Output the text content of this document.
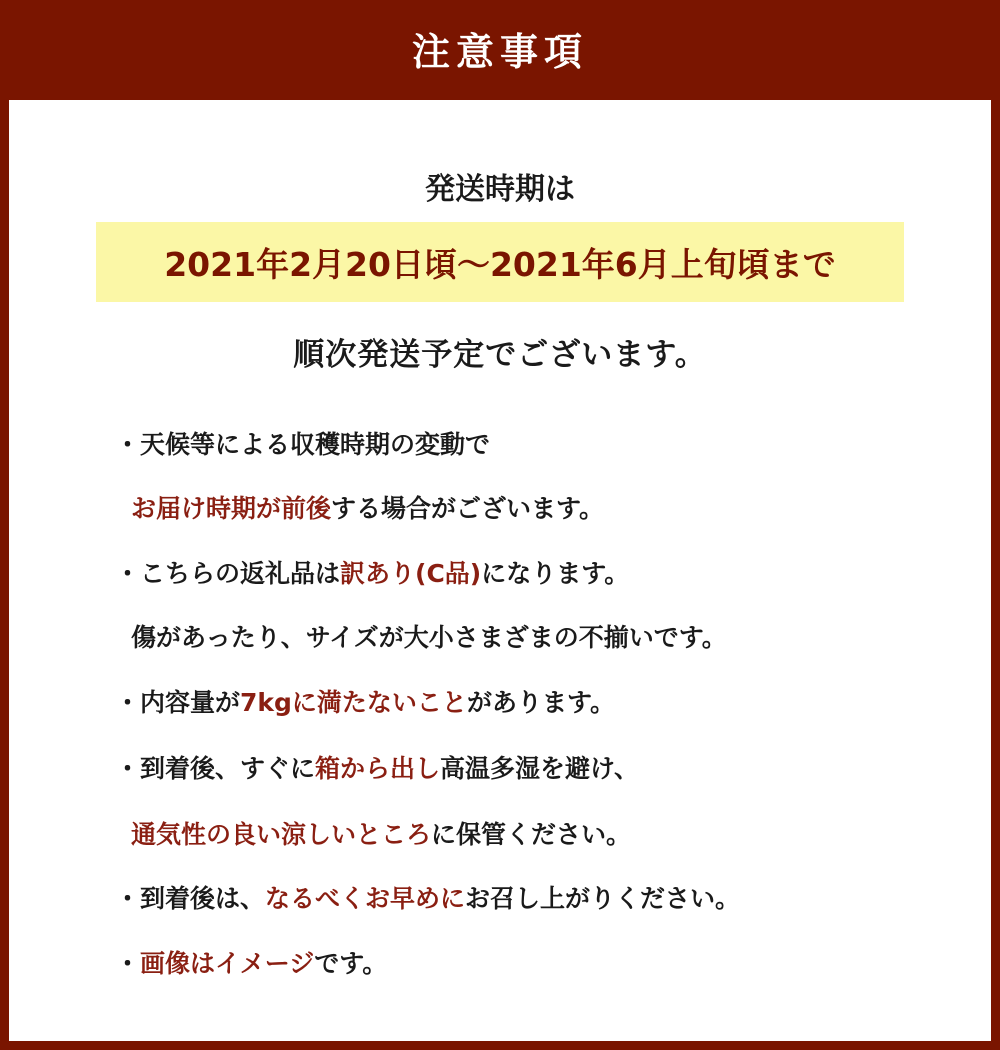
注意事項
発送時期は
2021年2月20日頃～2021年6月上旬頃まで
順次発送予定でございます。
・天候等による収穫時期の変動で
お届け時期が前後する場合がございます。
・こちらの返礼品は訳あり(C品)になります。
傷があったり、サイズが大小さまざまの不揃いです。
・内容量が7kgに満たないことがあります。
・到着後、すぐに箱から出し高温多湿を避け、
通気性の良い涼しいところに保管ください。
・到着後は、なるべくお早めにお召し上がりください。
・画像はイメージです。
